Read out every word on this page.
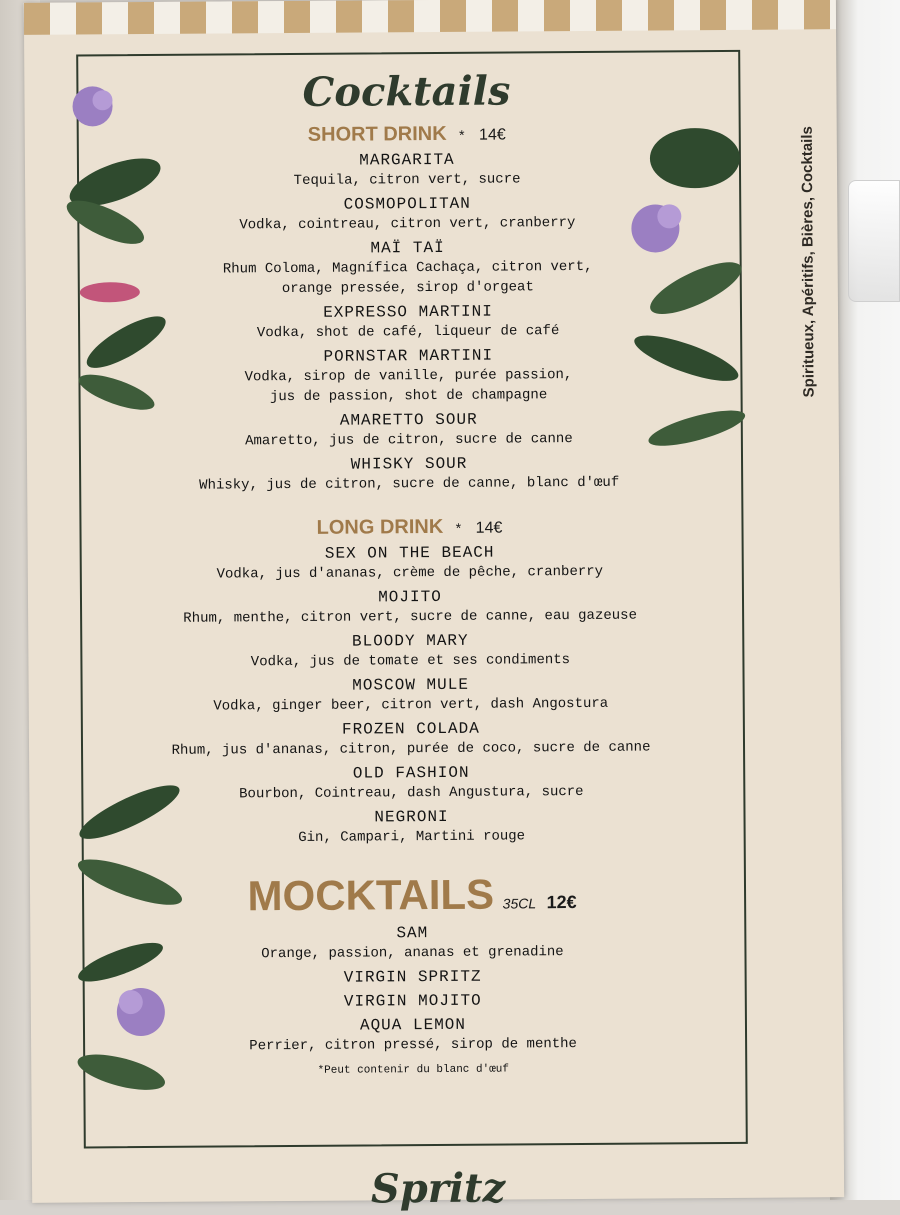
Spiritueux, Apéritifs, Bières, Cocktails
Cocktails
SHORT DRINK * 14€
MARGARITA
Tequila, citron vert, sucre
COSMOPOLITAN
Vodka, cointreau, citron vert, cranberry
MAÏ TAÏ
Rhum Coloma, Magnífica Cachaça, citron vert,
orange pressée, sirop d'orgeat
EXPRESSO MARTINI
Vodka, shot de café, liqueur de café
PORNSTAR MARTINI
Vodka, sirop de vanille, purée passion,
jus de passion, shot de champagne
AMARETTO SOUR
Amaretto, jus de citron, sucre de canne
WHISKY SOUR
Whisky, jus de citron, sucre de canne, blanc d'œuf
LONG DRINK * 14€
SEX ON THE BEACH
Vodka, jus d'ananas, crème de pêche, cranberry
MOJITO
Rhum, menthe, citron vert, sucre de canne, eau gazeuse
BLOODY MARY
Vodka, jus de tomate et ses condiments
MOSCOW MULE
Vodka, ginger beer, citron vert, dash Angostura
FROZEN COLADA
Rhum, jus d'ananas, citron, purée de coco, sucre de canne
OLD FASHION
Bourbon, Cointreau, dash Angustura, sucre
NEGRONI
Gin, Campari, Martini rouge
MOCKTAILS 35CL 12€
SAM
Orange, passion, ananas et grenadine
VIRGIN SPRITZ
VIRGIN MOJITO
AQUA LEMON
Perrier, citron pressé, sirop de menthe
*Peut contenir du blanc d'œuf
Spritz
